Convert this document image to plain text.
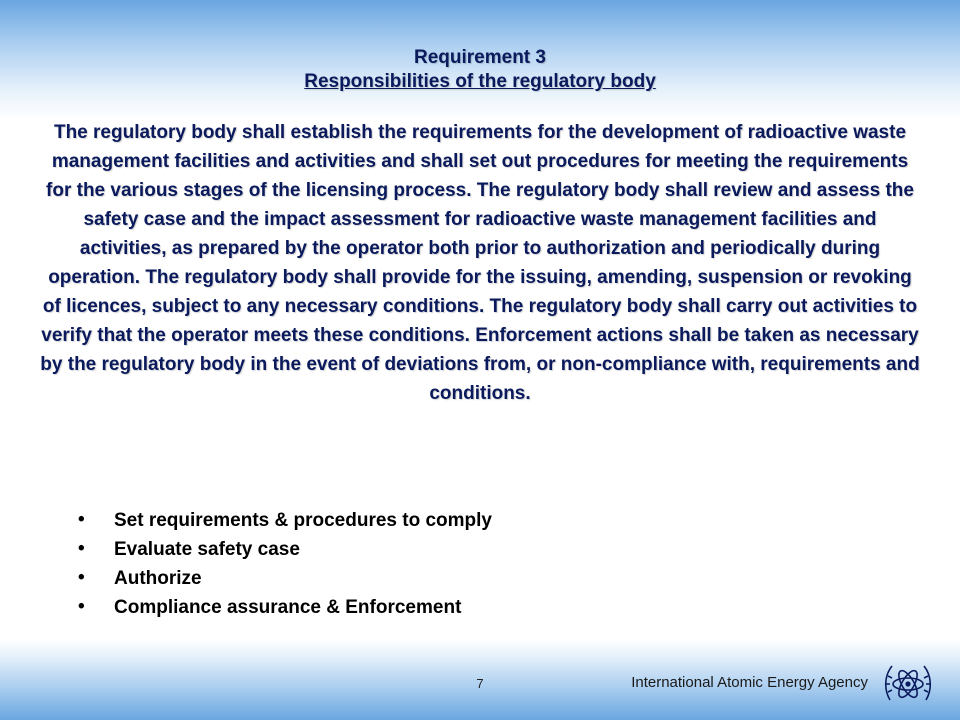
Requirement 3

Responsibilities of the regulatory body

The regulatory body shall establish the requirements for the development of radioactive waste management facilities and activities and shall set out procedures for meeting the requirements for the various stages of the licensing process. The regulatory body shall review and assess the safety case and the impact assessment for radioactive waste management facilities and activities, as prepared by the operator both prior to authorization and periodically during operation. The regulatory body shall provide for the issuing, amending, suspension or revoking of licences, subject to any necessary conditions. The regulatory body shall carry out activities to verify that the operator meets these conditions. Enforcement actions shall be taken as necessary by the regulatory body in the event of deviations from, or non-compliance with, requirements and conditions.

• Set requirements & procedures to comply
• Evaluate safety case
• Authorize
• Compliance assurance & Enforcement
7	International Atomic Energy Agency
